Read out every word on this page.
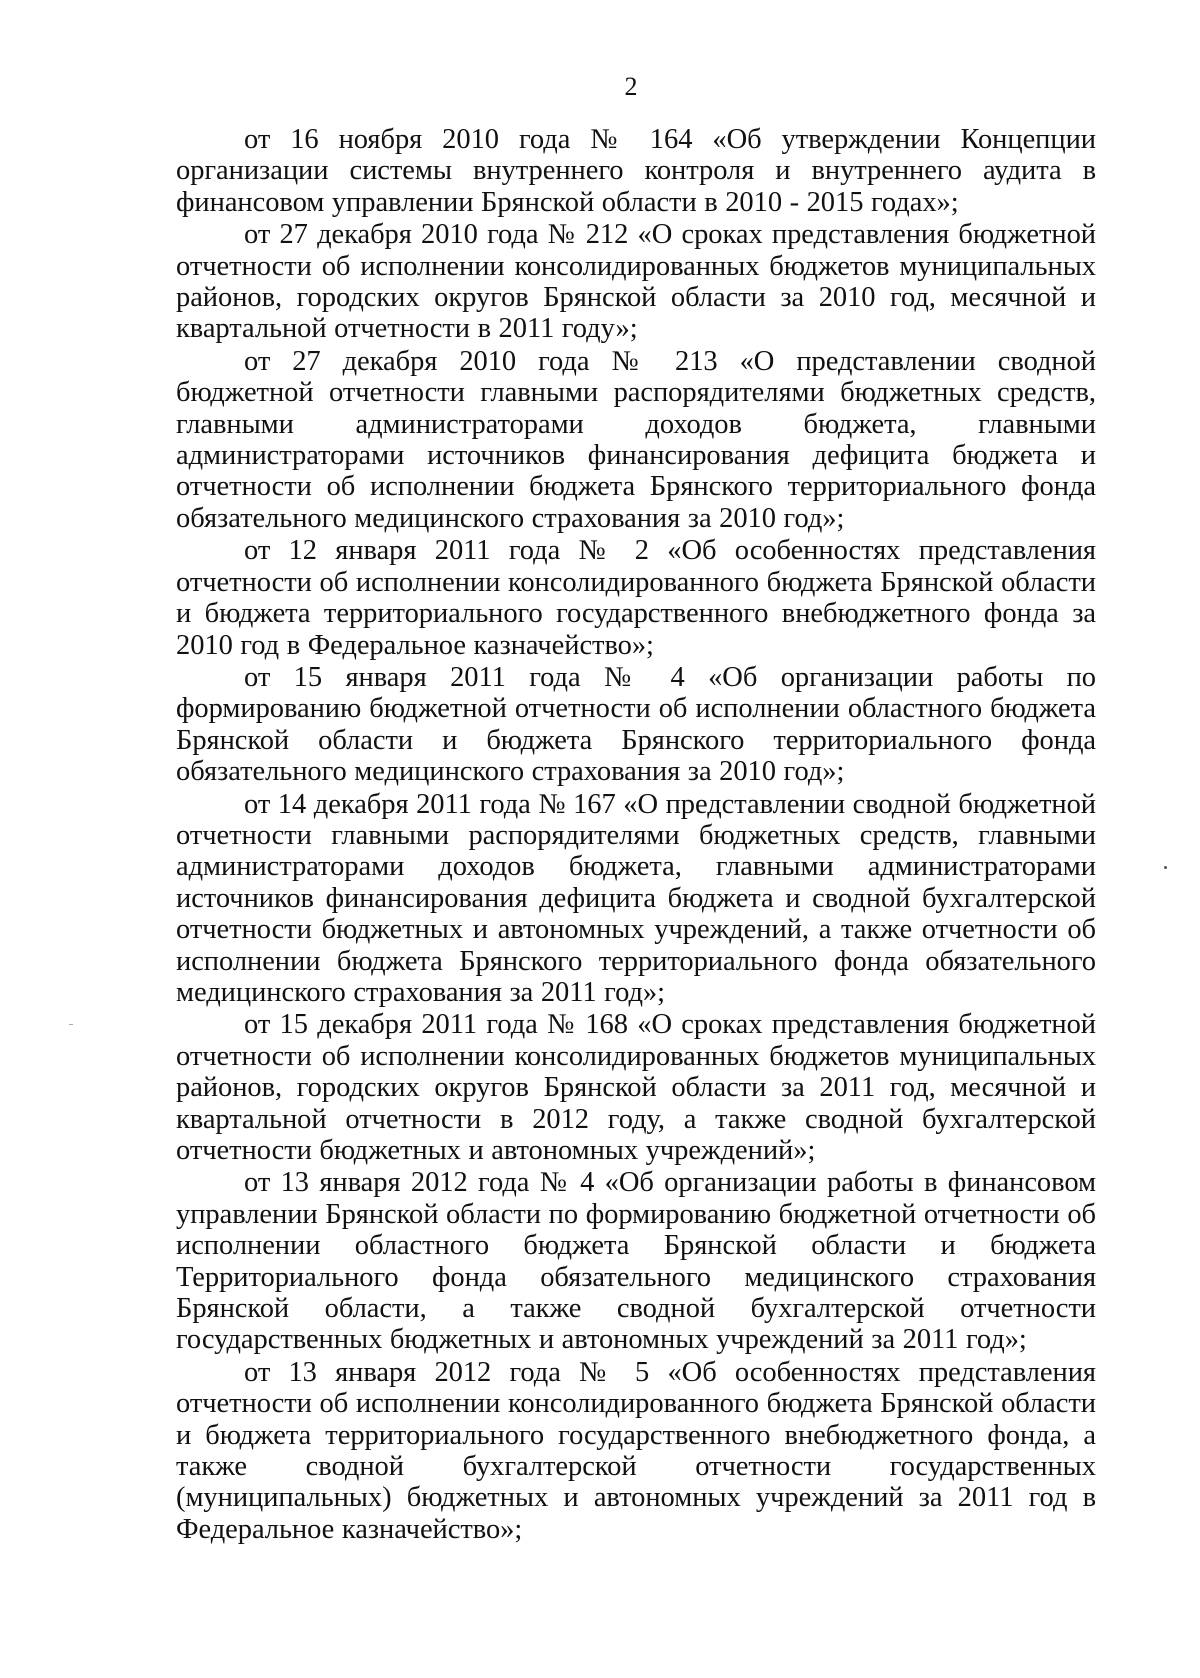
2

от 16 ноября 2010 года № 164 «Об утверждении Концепции организации системы внутреннего контроля и внутреннего аудита в финансовом управлении Брянской области в 2010 - 2015 годах»;

от 27 декабря 2010 года № 212 «О сроках представления бюджетной отчетности об исполнении консолидированных бюджетов муниципальных районов, городских округов Брянской области за 2010 год, месячной и квартальной отчетности в 2011 году»;

от 27 декабря 2010 года № 213 «О представлении сводной бюджетной отчетности главными распорядителями бюджетных средств, главными администраторами доходов бюджета, главными администраторами источников финансирования дефицита бюджета и отчетности об исполнении бюджета Брянского территориального фонда обязательного медицинского страхования за 2010 год»;

от 12 января 2011 года № 2 «Об особенностях представления отчетности об исполнении консолидированного бюджета Брянской области и бюджета территориального государственного внебюджетного фонда за 2010 год в Федеральное казначейство»;

от 15 января 2011 года № 4 «Об организации работы по формированию бюджетной отчетности об исполнении областного бюджета Брянской области и бюджета Брянского территориального фонда обязательного медицинского страхования за 2010 год»;

от 14 декабря 2011 года № 167 «О представлении сводной бюджетной отчетности главными распорядителями бюджетных средств, главными администраторами доходов бюджета, главными администраторами источников финансирования дефицита бюджета и сводной бухгалтерской отчетности бюджетных и автономных учреждений, а также отчетности об исполнении бюджета Брянского территориального фонда обязательного медицинского страхования за 2011 год»;

от 15 декабря 2011 года № 168 «О сроках представления бюджетной отчетности об исполнении консолидированных бюджетов муниципальных районов, городских округов Брянской области за 2011 год, месячной и квартальной отчетности в 2012 году, а также сводной бухгалтерской отчетности бюджетных и автономных учреждений»;

от 13 января 2012 года № 4 «Об организации работы в финансовом управлении Брянской области по формированию бюджетной отчетности об исполнении областного бюджета Брянской области и бюджета Территориального фонда обязательного медицинского страхования Брянской области, а также сводной бухгалтерской отчетности государственных бюджетных и автономных учреждений за 2011 год»;

от 13 января 2012 года № 5 «Об особенностях представления отчетности об исполнении консолидированного бюджета Брянской области и бюджета территориального государственного внебюджетного фонда, а также сводной бухгалтерской отчетности государственных (муниципальных) бюджетных и автономных учреждений за 2011 год в Федеральное казначейство»;
